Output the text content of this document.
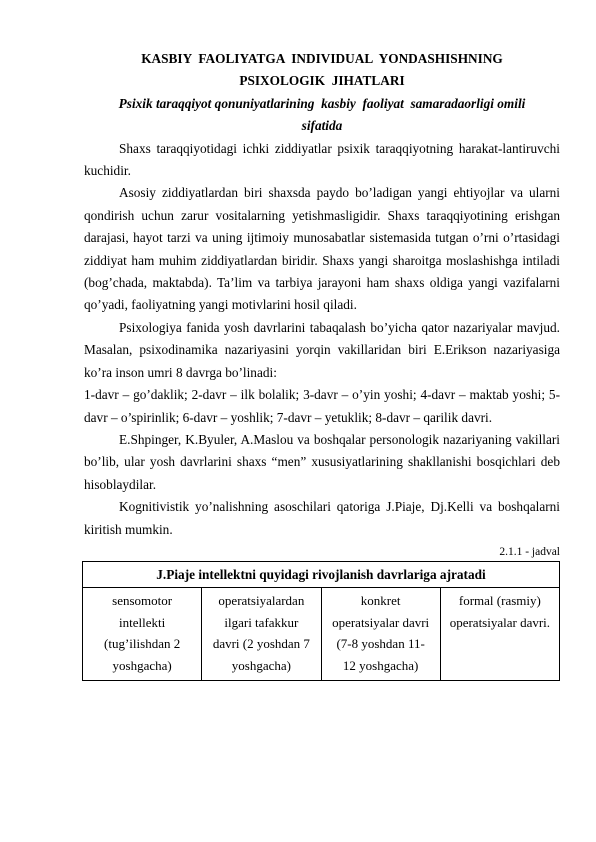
KASBIY  FAOLIYATGA  INDIVIDUAL  YONDASHISHNING
PSIXOLOGIK  JIHATLARI
Psixik taraqqiyot qonuniyatlarining  kasbiy  faoliyat  samaradaorligi omili
sifatida

Shaxs taraqqiyotidagi ichki ziddiyatlar psixik taraqqiyotning harakat-lantiruvchi kuchidir.

Asosiy ziddiyatlardan biri shaxsda paydo bo’ladigan yangi ehtiyojlar va ularni qondirish uchun zarur vositalarning yetishmasligidir. Shaxs taraqqiyotining erishgan darajasi, hayot tarzi va uning ijtimoiy munosabatlar sistemasida tutgan o’rni o’rtasidagi ziddiyat ham muhim ziddiyatlardan biridir. Shaxs yangi sharoitga moslashishga intiladi (bog’chada, maktabda). Ta’lim va tarbiya jarayoni ham shaxs oldiga yangi vazifalarni qo’yadi, faoliyatning yangi motivlarini hosil qiladi.

Psixologiya fanida yosh davrlarini tabaqalash bo’yicha qator nazariyalar mavjud. Masalan, psixodinamika nazariyasini yorqin vakillaridan biri E.Erikson nazariyasiga ko’ra inson umri 8 davrga bo’linadi:

1-davr – go’daklik; 2-davr – ilk bolalik; 3-davr – o’yin yoshi; 4-davr – maktab yoshi; 5-davr – o’spirinlik; 6-davr – yoshlik; 7-davr – yetuklik; 8-davr – qarilik davri.

E.Shpinger, K.Byuler, A.Maslou va boshqalar personologik nazariyaning vakillari bo’lib, ular yosh davrlarini shaxs “men” xususiyatlarining shakllanishi bosqichlari deb hisoblaydilar.

Kognitivistik yo’nalishning asoschilari qatoriga J.Piaje, Dj.Kelli va boshqalarni kiritish mumkin.

2.1.1 - jadval
J.Piaje intellektni quyidagi rivojlanish davrlariga ajratadi

sensomotor
intellekti
(tug’ilishdan 2
yoshgacha)

operatsiyalardan
ilgari tafakkur
davri (2 yoshdan 7
yoshgacha)

konkret
operatsiyalar davri
(7-8 yoshdan 11-
12 yoshgacha)

formal (rasmiy)
operatsiyalar davri.
